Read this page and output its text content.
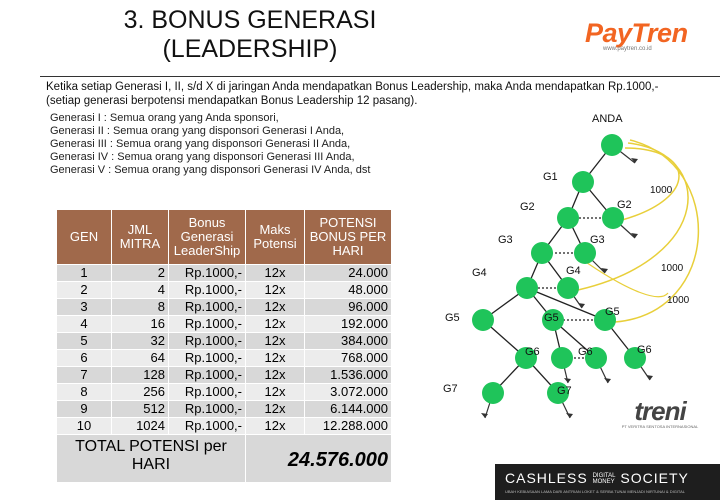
3. BONUS GENERASI
(LEADERSHIP)
PayTren
www.paytren.co.id
Ketika setiap Generasi I, II, s/d X di jaringan Anda mendapatkan Bonus Leadership, maka Anda mendapatkan Rp.1000,-
(setiap generasi berpotensi mendapatkan Bonus Leadership 12 pasang).
Generasi I : Semua orang yang Anda sponsori,
Generasi II : Semua orang yang disponsori Generasi I Anda,
Generasi III : Semua orang yang disponsori Generasi II Anda,
Generasi IV : Semua orang yang disponsori Generasi III Anda,
Generasi V : Semua orang yang disponsori Generasi IV Anda, dst
GEN	JML MITRA	Bonus Generasi LeaderShip	Maks Potensi	POTENSI BONUS PER HARI
1	2	Rp.1000,-	12x	24.000
2	4	Rp.1000,-	12x	48.000
3	8	Rp.1000,-	12x	96.000
4	16	Rp.1000,-	12x	192.000
5	32	Rp.1000,-	12x	384.000
6	64	Rp.1000,-	12x	768.000
7	128	Rp.1000,-	12x	1.536.000
8	256	Rp.1000,-	12x	3.072.000
9	512	Rp.1000,-	12x	6.144.000
10	1024	Rp.1000,-	12x	12.288.000
TOTAL POTENSI per HARI			24.576.000	
ANDA
G1
G2	G2
G3	G3
G4	G4
G5	G5	G5
G6	G6	G6
G7	G7
1000
1000
1000
treni
PT VERITRA SENTOSA INTERNASIONAL
CASHLESS DIGITAL
MONEY SOCIETY
UBAH KEBIASAAN LAMA DARI ANTRIAN LOKET & SERBA TUNAI MENJADI NIRTUNAI & DIGITAL
